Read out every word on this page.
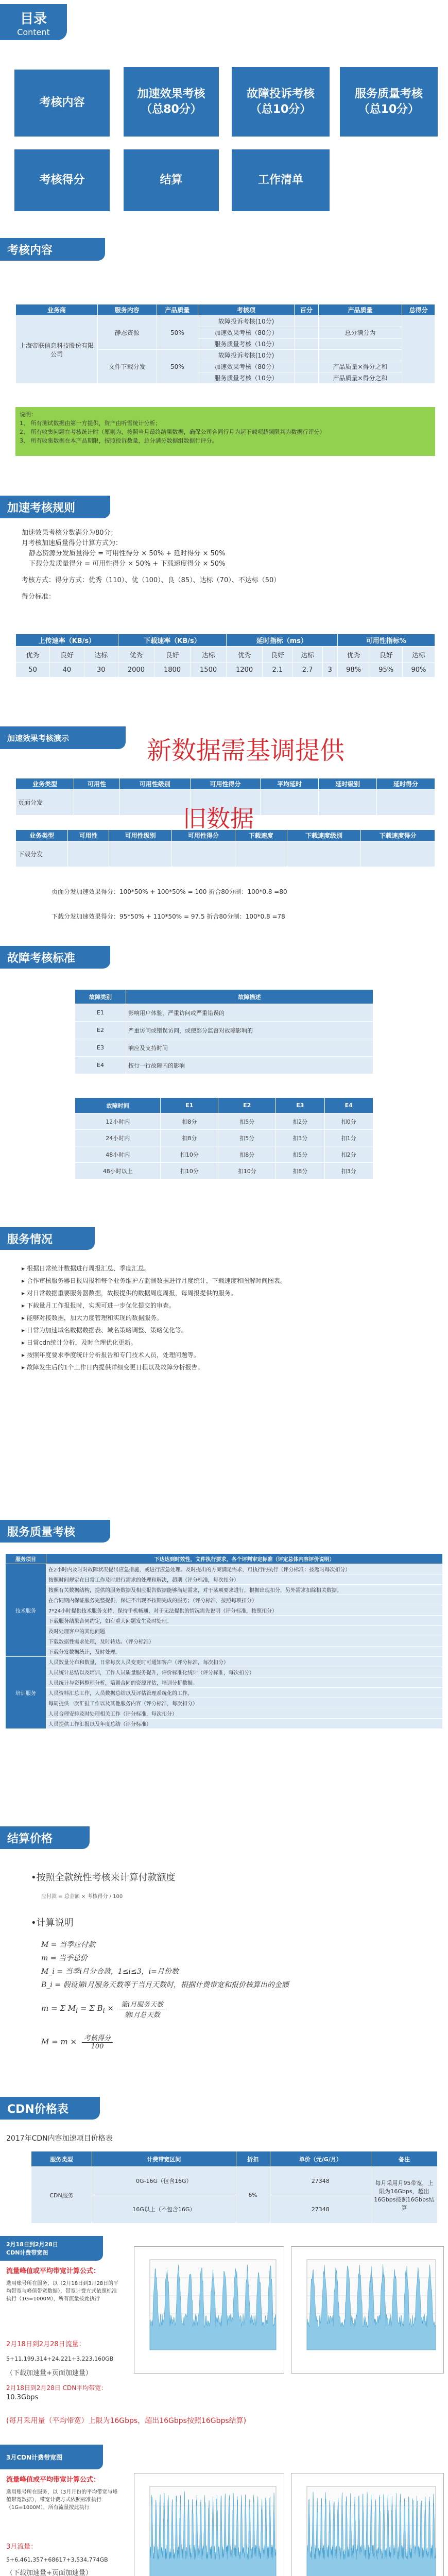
目录
Content
考核内容
加速效果考核
（总80分）
故障投诉考核
（总10分）
服务质量考核
（总10分）
考核得分	结算	工作清单
考核内容
业务商	服务内容	产品质量	考核项	百分	产品质量	总得分
上海帝联信息科技股份有限公司	静态资源	50%	故障投诉考核(10分)			
			加速效果考核（80分）		总分满分为	
			服务质量考核（10分）			
	文件下载分发	50%	故障投诉考核(10分)			
			加速效果考核（80分）		产品质量×得分之和	
			服务质量考核（10分）		产品质量×得分之和	
说明：
1、 所有测试数据由第一方提供，资产由听雪统计分析；
2、 所有收集问题在考核统计时（原则为，按照当月最终结果数据，确保公司合同行月为起下载项超频限判为数据行评分）
3、 所有收集数据在本产品期限，按照投诉数量，总分满分数据组数据行评分。
加速考核规则
加速效果考核分数满分为80分；
月考核加速质量得分计算方式为：
静态资源分发质量得分 = 可用性得分 × 50% + 延时得分 × 50%
下载分发质量得分 = 可用性得分 × 50% + 下载速度得分 × 50%
考核方式：得分方式：优秀（110）、优（100）、良（85）、达标（70）、不达标（50）
得分标准：
上传速率（KB/s）			下载速率（KB/s）			延时指标（ms）				可用性指标%		
优秀	良好	达标	优秀	良好	达标	优秀	良好	达标		优秀	良好	达标
50	40	30	2000	1800	1500	1200	2.1	2.7	3	98%	95%	90%
加速效果考核演示	新数据需基调提供
业务类型	可用性	可用性级别	可用性得分	平均延时	延时级别	延时得分
页面分发						
旧数据
业务类型	可用性	可用性级别	可用性得分	下载速度	下载速度级别	下载速度得分
下载分发						
页面分发加速效果得分：100*50% + 100*50% = 100 折合80分制：100*0.8 =80
下载分发加速效果得分：95*50% + 110*50% = 97.5 折合80分制：100*0.8 =78
故障考核标准
故障类别	故障描述
E1	影响用户体验，严重访问或严重错误的
E2	严重访问或错误访问，或使部分监督对故障影响的
E3	响应及支持时间
E4	按行一行故障内的影响
故障时间	E1	E2	E3	E4
12小时内	扣8分	扣5分	扣2分	扣0分
24小时内	扣8分	扣5分	扣3分	扣1分
48小时内	扣10分	扣8分	扣5分	扣2分
48小时以上	扣10分	扣10分	扣8分	扣3分
服务情况
▸ 根据日常统计数据进行周报汇总、季度汇总。
▸ 合作审核服务器日报周报和每个业务维护方监测数据进行月度统计，下载速度和图解时间图表。
▸ 对日常数据重要服务器数据，故报提供的数据周度周报，每周报提供的服务。
▸ 下载量月工作报报时，实现可进一步优化提交的审查。
▸ 能够对接数据，加大力度管理和实现的数据服务。
▸ 日常为加速域名数据数据表、域名策略调整、策略优化等。
▸ 日常cdn统计分析，及时合理优化更新。
▸ 按照年度要求季度统计分析报告和专门技术人员，处理问题等。
▸ 故障发生后的1个工作日内提供详细变更日程以及故障分析报告。
服务质量考核
服务项目	下达达到时效性，文件执行要求，各个评判审定标准（评定总体内容评价说明）
技术服务	在2小时内及时对故障状况提出应急措施，或进行应急处理。及时提出的方案满足需求，可执行的执行（评分标准：按超时每次扣分）
	按照时间规定在日常工作及时进行需求的处理和解决，超期（评分标准，每次扣分）
	按照有关数据结构，提供的服务数据及相应报告数据能够满足需求，对于某项要求进行，根据出现扣分，另外需求扣除相关数据。
	在合同期内保证服务完整提供，保证不出现不按期完成的服务；（评分标准，按照每项扣分）
	7*24小时提供技术服务支持，保持手机畅通，对于无法提供的情况需先说明（评分标准，按照扣分）
	下载服务结果合同约定，如有重大问题发生及时处理。
	及时处理客户的其他问题
	下载数据性需求处理，及时转达。（评分标准）
	下载分发数据统计，及时处理。
培训服务	人员数量分布和数量，日常每次人员变更时可通知客户（评分标准，每次扣分）
	人员统计总结以及培训，工作人员质量服务提升，评价标准化统计（评分标准，每次扣分）
	人员统计与资料整理分析，培训合同的资源评估，培训分析数据。
	人员资料汇总工作，人员数据总结以及评估管理系统化的工作。
	每周提供一次汇报工作以及其他服务内容（评分标准，每次扣分）
	人员合理安排及时处理相关工作（评分标准，每次扣分）
	人员提供工作汇报以及年度总结（评分标准）
结算价格
•按照全款统性考核来计算付款额度
应付款 = 总金额 × 考核得分 / 100
•计算说明
M = 当季应付款
m = 当季总价
M_i = 当季i月分合款，1≤i≤3，i=月份数
B_i = 假设第i月服务天数等于当月天数时，根据计费带宽和报价核算出的金额
m = Σ $M_i = \Sigma$ $B_i$ ×	第i月服务天数
第i月总天数
M = m ×	考核得分
100
CDN价格表
2017年CDN内容加速项目价格表
服务类型	计费带宽区间	折扣	单价（元/G/月）	备注
CDN服务	0G-16G（包含16G）	6%	27348	每月采用月95带宽，上限为16Gbps，超出16Gbps按照16Gbps结算
	16G以上（不包含16G）		27348	
2月18日到2月28日
CDN计费带宽图
流量峰值或平均带宽计算公式：
选用账号所在服务，以（2月18日到3月28日的平均带宽与峰值带宽数据），带宽计费方式依照标准执行（1G=1000M），所有流量按此执行
2月18日到2月28日流量：
5+11,199,314+24,221+3,223,160GB
（下载加速量+页面加速量）
2月18日到2月28日 CDN平均带宽：
10.3Gbps
(每月采用量（平均带宽）上限为16Gbps，超出16Gbps按照16Gbps结算)
3月CDN计费带宽图
流量峰值或平均带宽计算公式：
选用账号所在服务，以（3月月份的平均带宽与峰值带宽数据），带宽计费方式依照标准执行（1G=1000M），所有流量按此执行
3月流量：
5+6,461,357+68617+3,534,774GB
（下载加速量+页面加速量）
